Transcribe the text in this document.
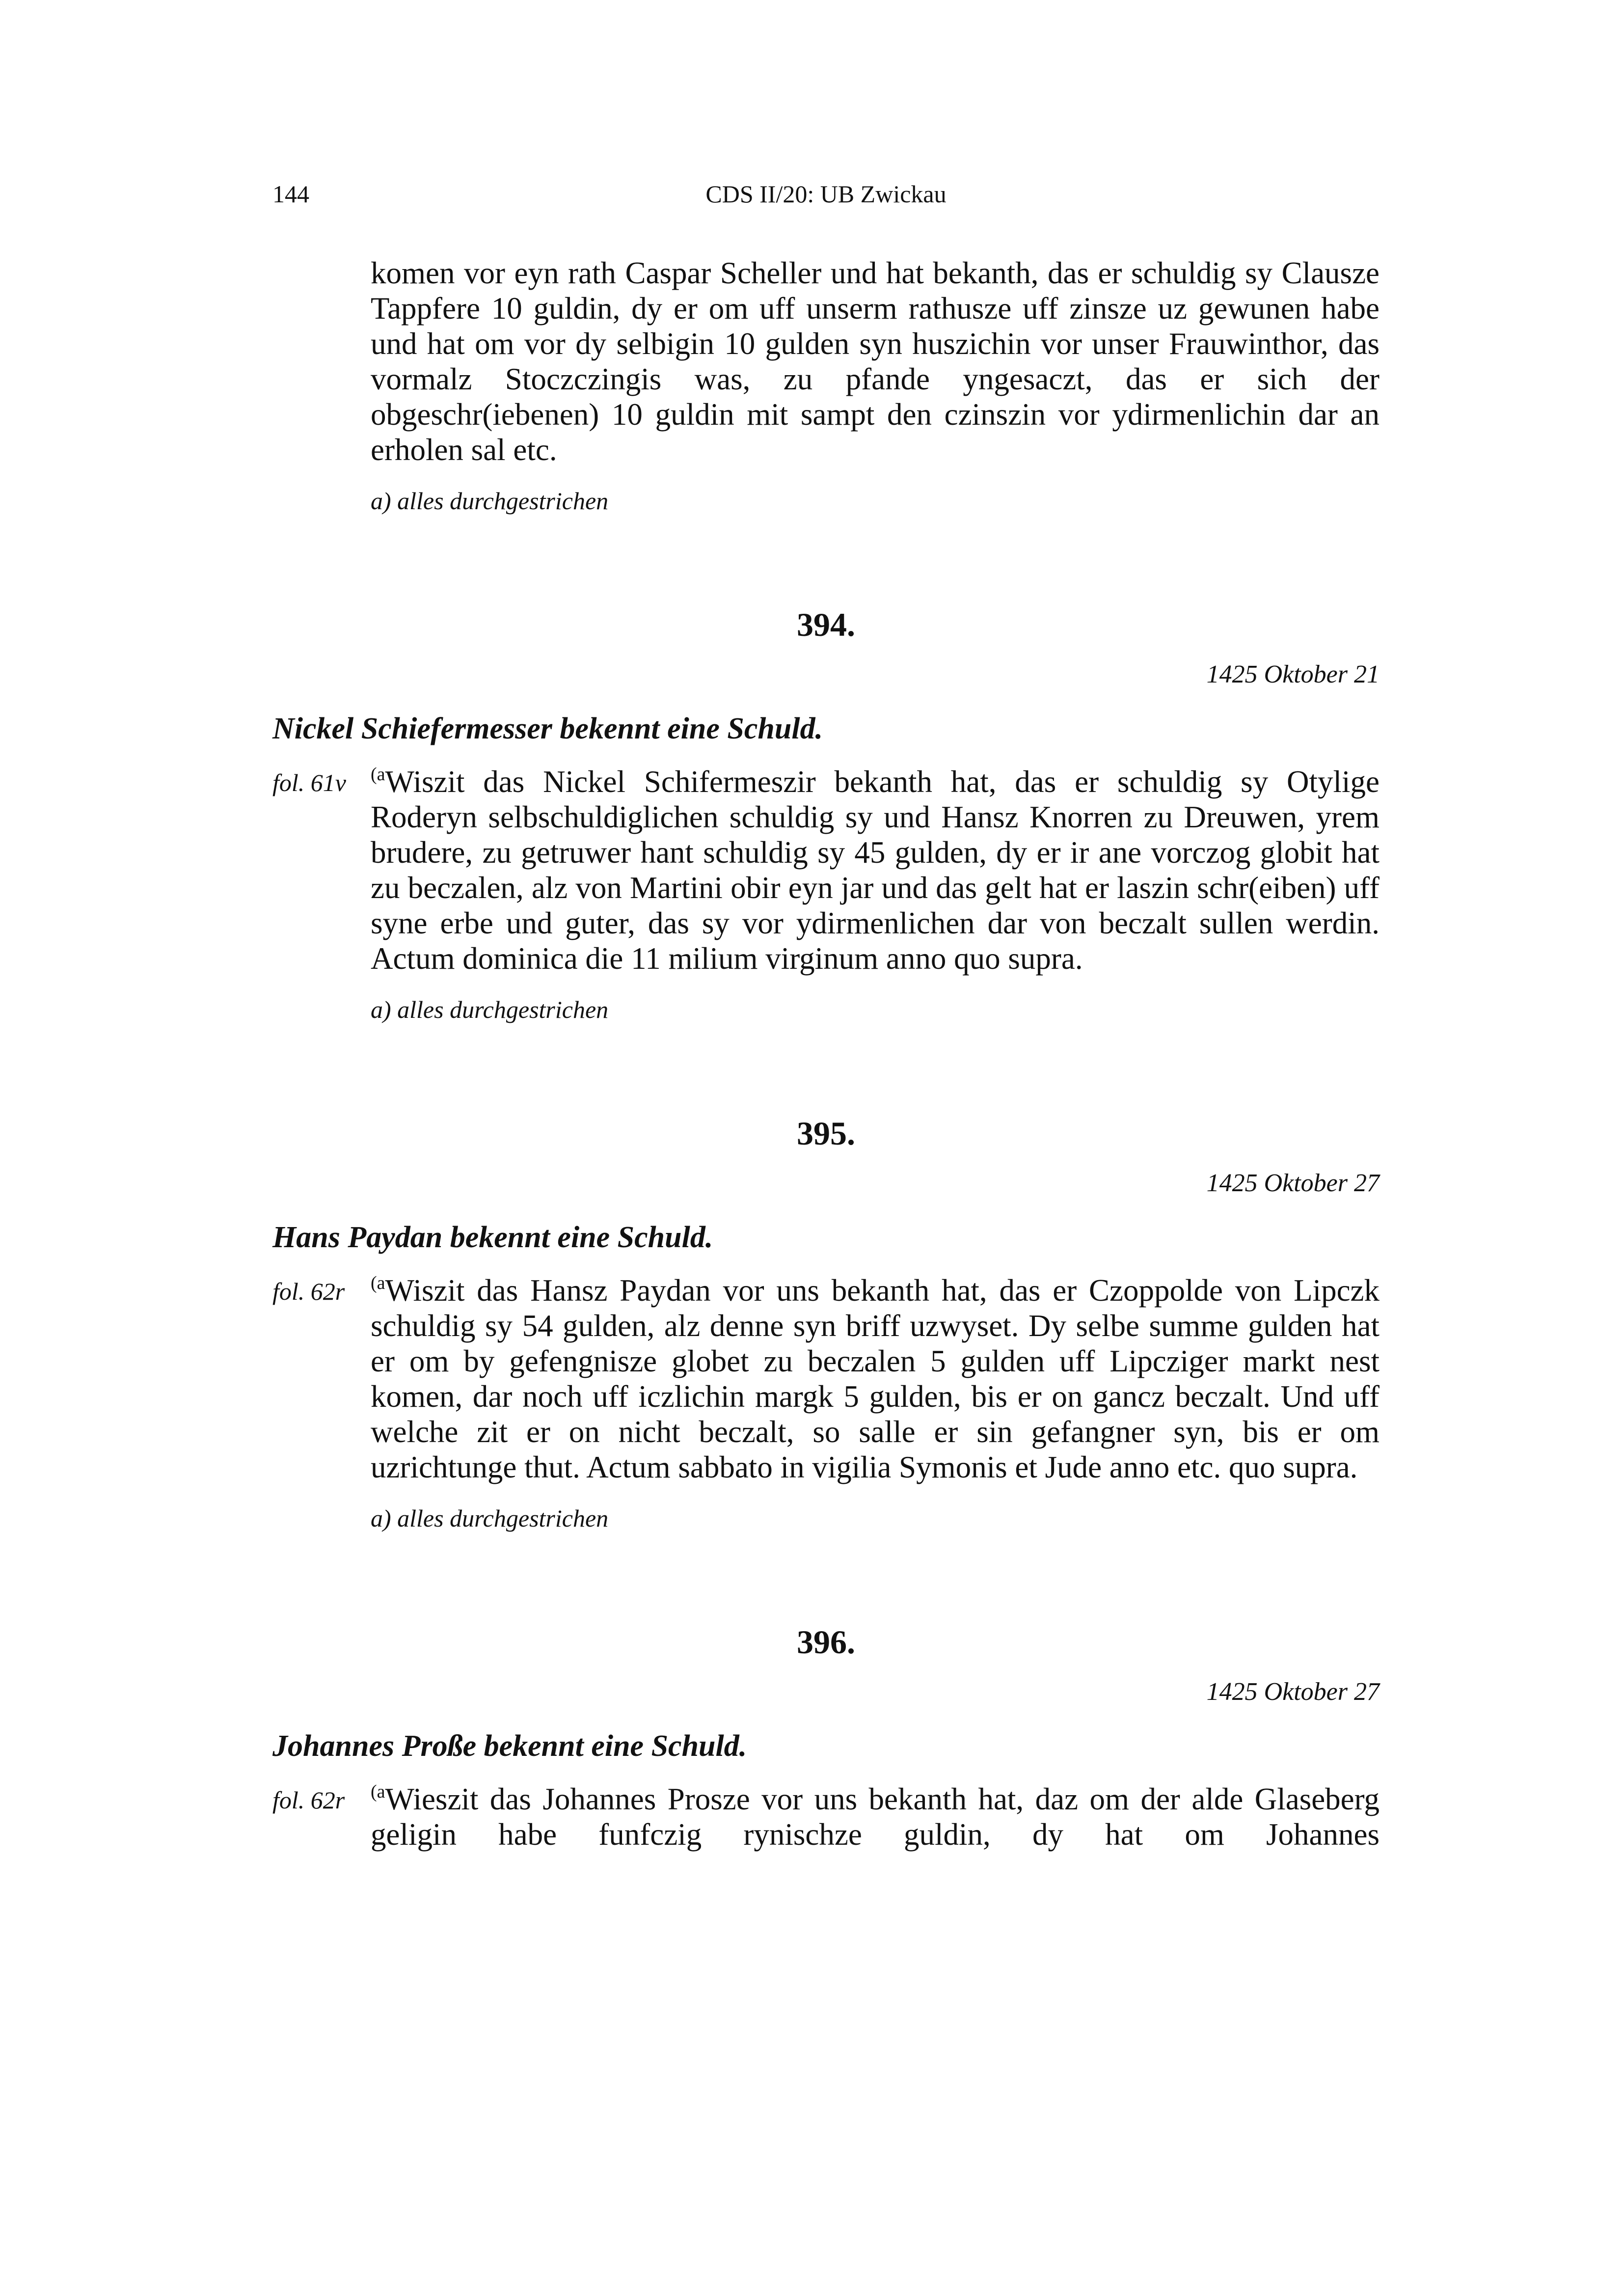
144	CDS II/20: UB Zwickau
komen vor eyn rath Caspar Scheller und hat bekanth, das er schuldig sy Clausze Tappfere 10 guldin, dy er om uff unserm rathusze uff zinsze uz gewunen habe und hat om vor dy selbigin 10 gulden syn huszichin vor unser Frauwinthor, das vormalz Stoczczingis was, zu pfande yngesaczt, das er sich der obgeschr(iebenen) 10 guldin mit sampt den czinszin vor ydirmenlichin dar an erholen sal etc.
a) alles durchgestrichen
394.
1425 Oktober 21
Nickel Schiefermesser bekennt eine Schuld.
fol. 61v $^{(a}$Wiszit das Nickel Schifermeszir bekanth hat, das er schuldig sy Otylige Roderyn selbschuldiglichen schuldig sy und Hansz Knorren zu Dreuwen, yrem brudere, zu getruwer hant schuldig sy 45 gulden, dy er ir ane vorczog globit hat zu beczalen, alz von Martini obir eyn jar und das gelt hat er laszin schr(eiben) uff syne erbe und guter, das sy vor ydirmenlichen dar von beczalt sullen werdin. Actum dominica die 11 milium virginum anno quo supra.
a) alles durchgestrichen
395.
1425 Oktober 27
Hans Paydan bekennt eine Schuld.
fol. 62r $^{(a}$Wiszit das Hansz Paydan vor uns bekanth hat, das er Czoppolde von Lipczk schuldig sy 54 gulden, alz denne syn briff uzwyset. Dy selbe summe gulden hat er om by gefengnisze globet zu beczalen 5 gulden uff Lipcziger markt nest komen, dar noch uff iczlichin margk 5 gulden, bis er on gancz beczalt. Und uff welche zit er on nicht beczalt, so salle er sin gefangner syn, bis er om uzrichtunge thut. Actum sabbato in vigilia Symonis et Jude anno etc. quo supra.
a) alles durchgestrichen
396.
1425 Oktober 27
Johannes Proße bekennt eine Schuld.
fol. 62r $^{(a}$Wieszit das Johannes Prosze vor uns bekanth hat, daz om der alde Glaseberg geligin habe funfczig rynischze guldin, dy hat om Johannes
